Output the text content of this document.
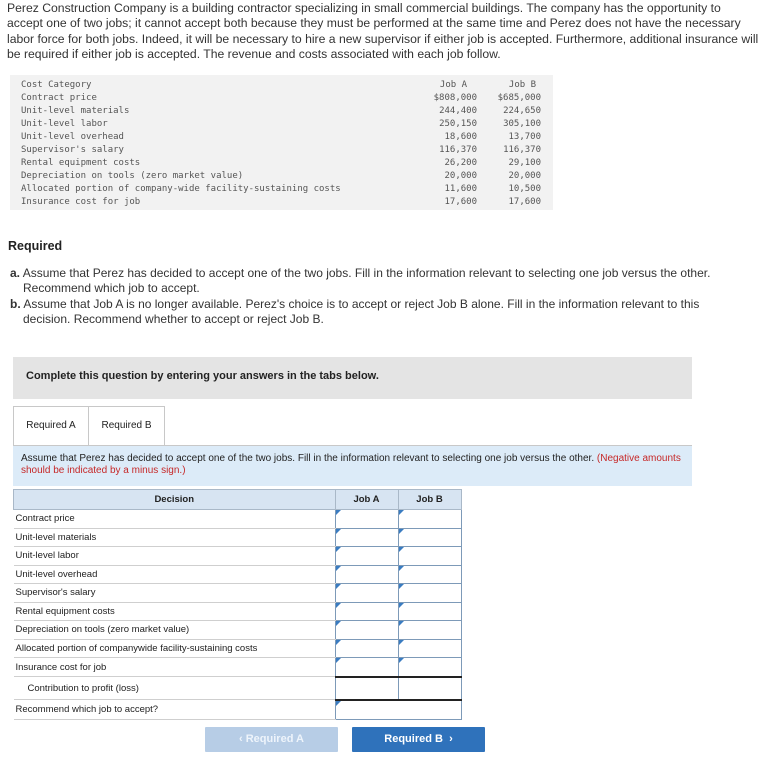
Perez Construction Company is a building contractor specializing in small commercial buildings. The company has the opportunity to accept one of two jobs; it cannot accept both because they must be performed at the same time and Perez does not have the necessary labor force for both jobs. Indeed, it will be necessary to hire a new supervisor if either job is accepted. Furthermore, additional insurance will be required if either job is accepted. The revenue and costs associated with each job follow.
Cost Category	Job A	Job B
Contract price	$808,000 $685,000
Unit-level materials	244,400	224,650
Unit-level labor	250,150	305,100
Unit-level overhead	18,600	13,700
Supervisor's salary	116,370	116,370
Rental equipment costs	26,200	29,100
Depreciation on tools (zero market value)	20,000	20,000
Allocated portion of company-wide facility-sustaining costs	11,600	10,500
Insurance cost for job	17,600	17,600
Required
a. Assume that Perez has decided to accept one of the two jobs. Fill in the information relevant to selecting one job versus the other.
Recommend which job to accept.
b. Assume that Job A is no longer available. Perez's choice is to accept or reject Job B alone. Fill in the information relevant to this
decision. Recommend whether to accept or reject Job B.
Complete this question by entering your answers in the tabs below.
Required A	Required B
Assume that Perez has decided to accept one of the two jobs. Fill in the information relevant to selecting one job versus the other. (Negative amounts should be indicated by a minus sign.)
Decision	Job A	Job B
Contract price		
Unit-level materials		
Unit-level labor		
Unit-level overhead		
Supervisor's salary		
Rental equipment costs		
Depreciation on tools (zero market value)		
Allocated portion of companywide facility-sustaining costs		
Insurance cost for job		
Contribution to profit (loss)		
Recommend which job to accept?		
‹ Required A	Required B  ›
